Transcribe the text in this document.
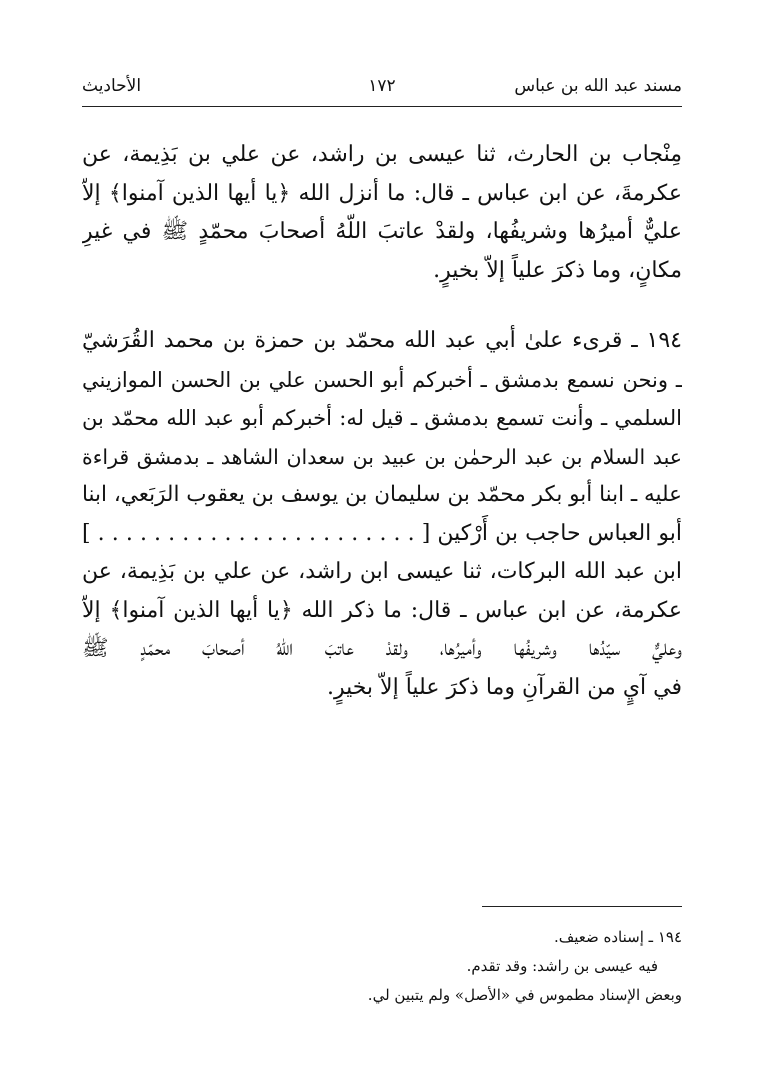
مسند عبد الله بن عباس
١٧٢
الأحاديث
مِنْجاب بن الحارث، ثنا عيسى بن راشد، عن علي بن بَذِيمة، عن
عكرمةَ، عن ابن عباس ـ قال: ما أنزل الله ﴿يا أيها الذين آمنوا﴾ إلاّ
عليٌّ أميرُها وشريفُها، ولقدْ عاتبَ اللّهُ أصحابَ محمّدٍ ﷺ في غيرِ
مكانٍ، وما ذكرَ علياً إلاّ بخيرٍ.
١٩٤ ـ قرىء علىٰ أبي عبد الله محمّد بن حمزة بن محمد القُرَشيّ
ـ ونحن نسمع بدمشق ـ أخبركم أبو الحسن علي بن الحسن الموازيني
السلمي ـ وأنت تسمع بدمشق ـ قيل له: أخبركم أبو عبد الله محمّد بن
عبد السلام بن عبد الرحمٰن بن عبيد بن سعدان الشاهد ـ بدمشق قراءة
عليه ـ ابنا أبو بكر محمّد بن سليمان بن يوسف بن يعقوب الرَبَعي، ابنا
أبو العباس حاجب بن أَرْكين [ . . . . . . . . . . . . . . . . . . . . . . . ]
ابن عبد الله البركات، ثنا عيسى ابن راشد، عن علي بن بَذِيمة، عن
عكرمة، عن ابن عباس ـ قال: ما ذكر الله ﴿يا أيها الذين آمنوا﴾ إلاّ
وعليٌّ سيّدُها وشريفُها وأميرُها، ولقدْ عاتبَ اللّهُ أصحابَ محمّدٍ ﷺ
في آيٍ من القرآنِ وما ذكرَ علياً إلاّ بخيرٍ.
١٩٤ ـ إسناده ضعيف.
فيه عيسى بن راشد: وقد تقدم.
وبعض الإسناد مطموس في «الأصل» ولم يتبين لي.
